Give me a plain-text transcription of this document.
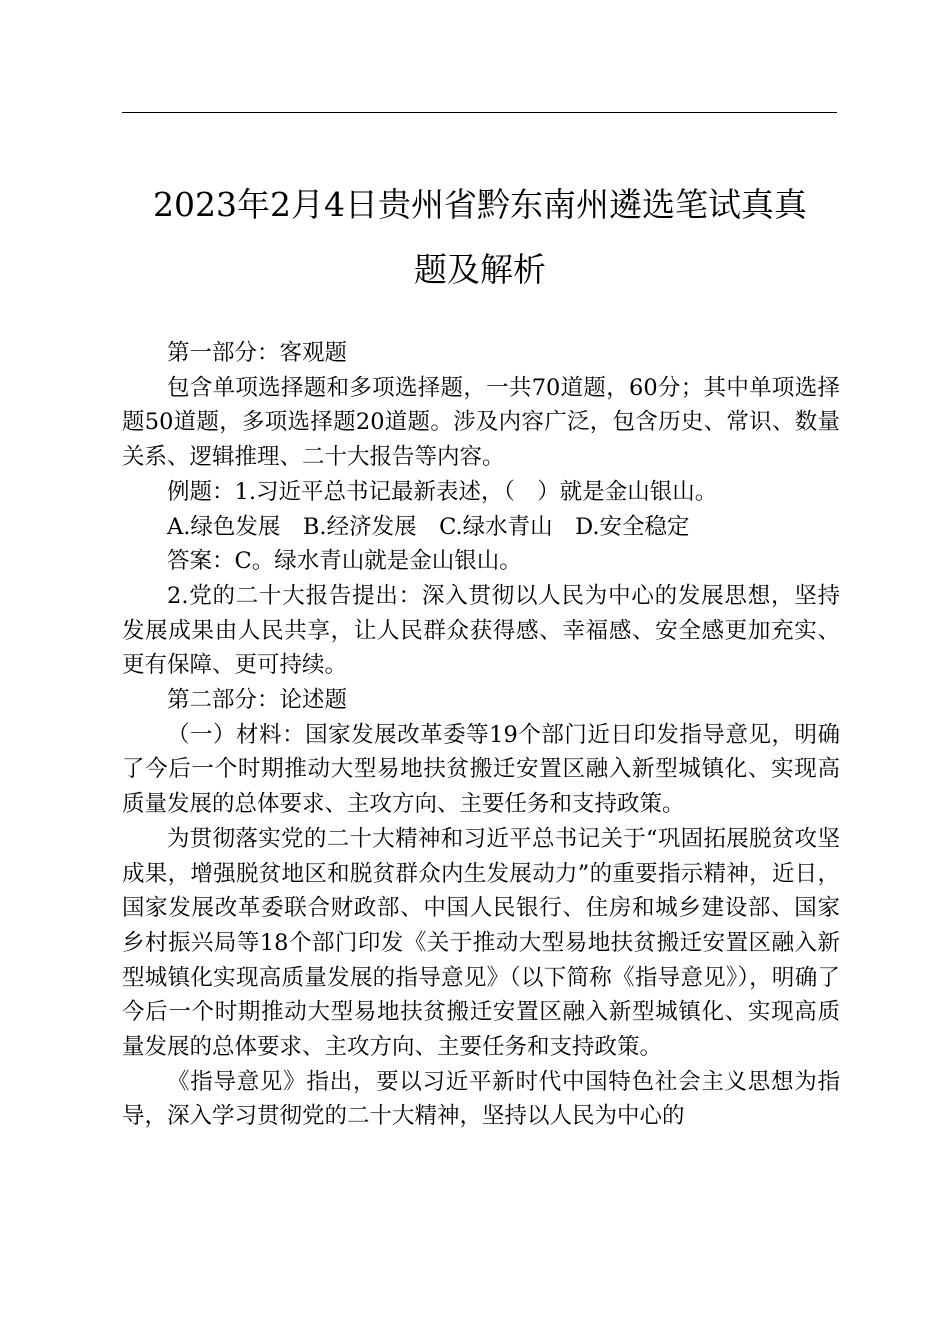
2023年2月4日贵州省黔东南州遴选笔试真真
题及解析

第一部分：客观题

包含单项选择题和多项选择题，一共70道题，60分；其中单项选择题50道题，多项选择题20道题。涉及内容广泛，包含历史、常识、数量关系、逻辑推理、二十大报告等内容。

例题：1.习近平总书记最新表述，（　）就是金山银山。

A.绿色发展　B.经济发展　C.绿水青山　D.安全稳定

答案：C。绿水青山就是金山银山。

2.党的二十大报告提出：深入贯彻以人民为中心的发展思想，坚持发展成果由人民共享，让人民群众获得感、幸福感、安全感更加充实、更有保障、更可持续。

第二部分：论述题

（一）材料：国家发展改革委等19个部门近日印发指导意见，明确了今后一个时期推动大型易地扶贫搬迁安置区融入新型城镇化、实现高质量发展的总体要求、主攻方向、主要任务和支持政策。

为贯彻落实党的二十大精神和习近平总书记关于“巩固拓展脱贫攻坚成果，增强脱贫地区和脱贫群众内生发展动力”的重要指示精神，近日，国家发展改革委联合财政部、中国人民银行、住房和城乡建设部、国家乡村振兴局等18个部门印发《关于推动大型易地扶贫搬迁安置区融入新型城镇化实现高质量发展的指导意见》（以下简称《指导意见》），明确了今后一个时期推动大型易地扶贫搬迁安置区融入新型城镇化、实现高质量发展的总体要求、主攻方向、主要任务和支持政策。

《指导意见》指出，要以习近平新时代中国特色社会主义思想为指导，深入学习贯彻党的二十大精神，坚持以人民为中心的
